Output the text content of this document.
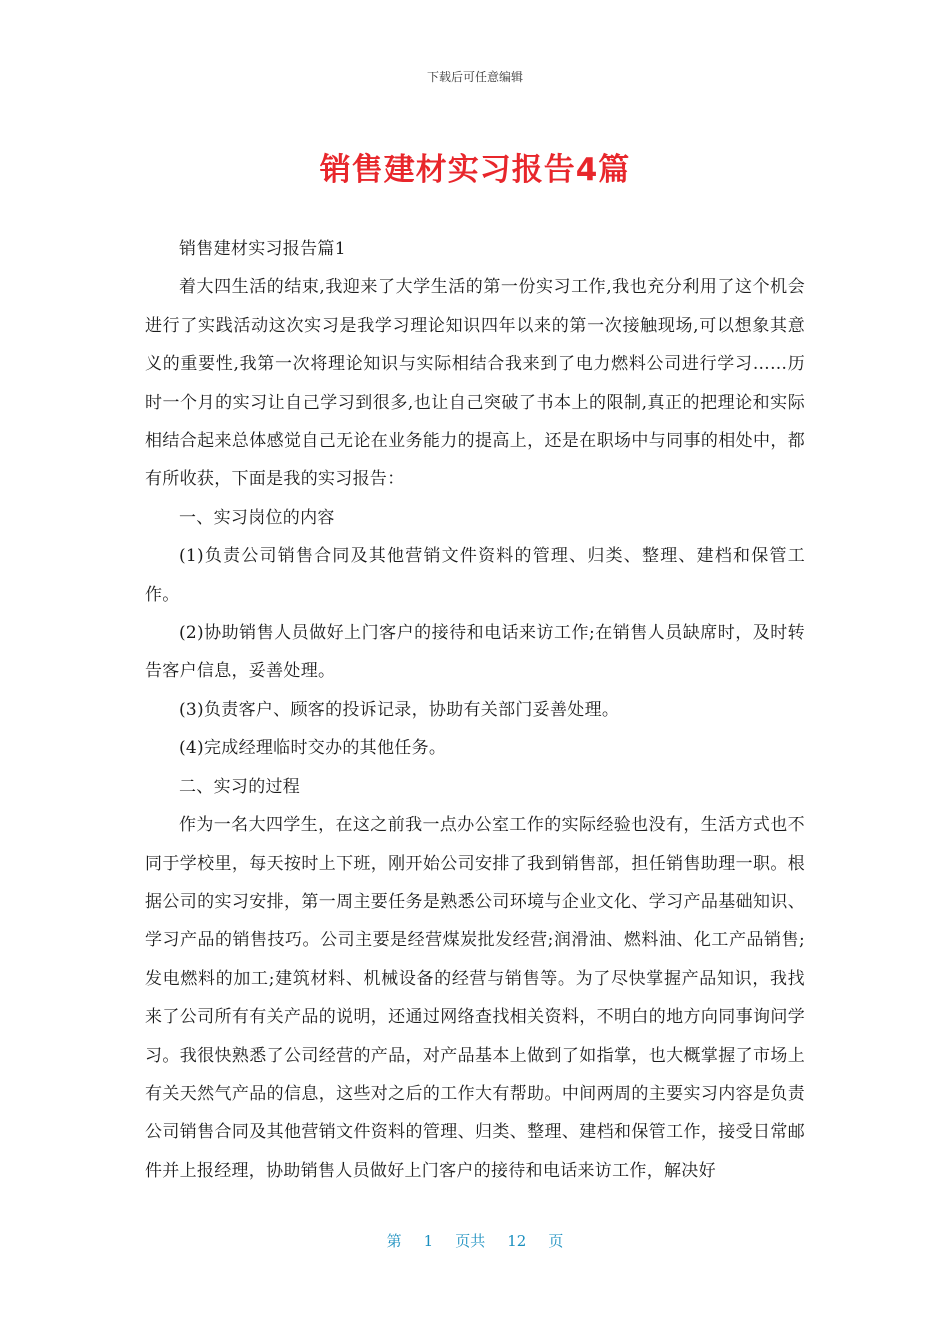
下载后可任意编辑
销售建材实习报告4篇

销售建材实习报告篇1

着大四生活的结束,我迎来了大学生活的第一份实习工作,我也充分利用了这个机会进行了实践活动这次实习是我学习理论知识四年以来的第一次接触现场,可以想象其意义的重要性,我第一次将理论知识与实际相结合我来到了电力燃料公司进行学习……历时一个月的实习让自己学习到很多,也让自己突破了书本上的限制,真正的把理论和实际相结合起来总体感觉自己无论在业务能力的提高上，还是在职场中与同事的相处中，都有所收获，下面是我的实习报告：

一、实习岗位的内容

(1)负责公司销售合同及其他营销文件资料的管理、归类、整理、建档和保管工作。

(2)协助销售人员做好上门客户的接待和电话来访工作;在销售人员缺席时，及时转告客户信息，妥善处理。

(3)负责客户、顾客的投诉记录，协助有关部门妥善处理。

(4)完成经理临时交办的其他任务。

二、实习的过程

作为一名大四学生，在这之前我一点办公室工作的实际经验也没有，生活方式也不同于学校里，每天按时上下班，刚开始公司安排了我到销售部，担任销售助理一职。根据公司的实习安排，第一周主要任务是熟悉公司环境与企业文化、学习产品基础知识、学习产品的销售技巧。公司主要是经营煤炭批发经营;润滑油、燃料油、化工产品销售;发电燃料的加工;建筑材料、机械设备的经营与销售等。为了尽快掌握产品知识，我找来了公司所有有关产品的说明，还通过网络查找相关资料，不明白的地方向同事询问学习。我很快熟悉了公司经营的产品，对产品基本上做到了如指掌，也大概掌握了市场上有关天然气产品的信息，这些对之后的工作大有帮助。中间两周的主要实习内容是负责公司销售合同及其他营销文件资料的管理、归类、整理、建档和保管工作，接受日常邮件并上报经理，协助销售人员做好上门客户的接待和电话来访工作，解决好

第 1 页共 12 页
